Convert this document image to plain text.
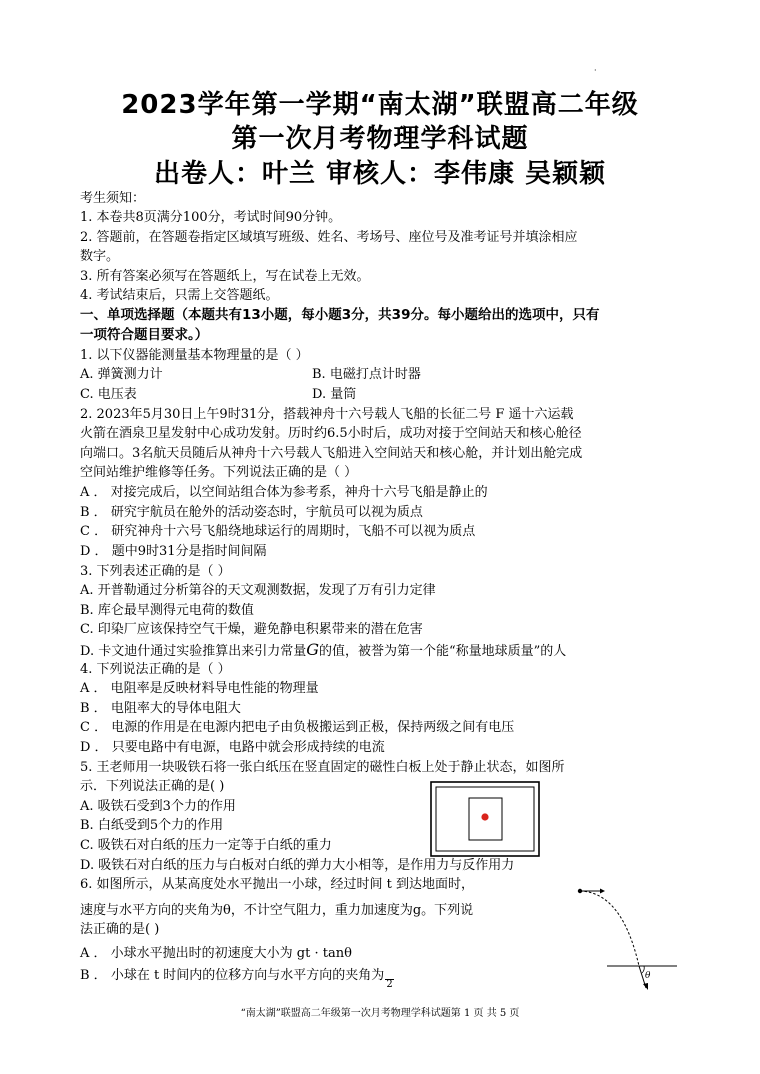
·
2023学年第一学期“南太湖”联盟高二年级
第一次月考物理学科试题
出卷人：叶兰 审核人：李伟康 吴颖颖
考生须知：
1. 本卷共8页满分100分，考试时间90分钟。
2. 答题前，在答题卷指定区域填写班级、姓名、考场号、座位号及准考证号并填涂相应
数字。
3. 所有答案必须写在答题纸上，写在试卷上无效。
4. 考试结束后，只需上交答题纸。
一、单项选择题（本题共有13小题，每小题3分，共39分。每小题给出的选项中，只有
一项符合题目要求。）
1. 以下仪器能测量基本物理量的是（ ）
A. 弹簧测力计	B. 电磁打点计时器
C. 电压表	D. 量筒
2. 2023年5月30日上午9时31分，搭载神舟十六号载人飞船的长征二号 F 遥十六运载
火箭在酒泉卫星发射中心成功发射。历时约6.5小时后，成功对接于空间站天和核心舱径
向端口。3名航天员随后从神舟十六号载人飞船进入空间站天和核心舱，并计划出舱完成
空间站维护维修等任务。下列说法正确的是（ ）
A ． 对接完成后，以空间站组合体为参考系，神舟十六号飞船是静止的
B ． 研究宇航员在舱外的活动姿态时，宇航员可以视为质点
C ． 研究神舟十六号飞船绕地球运行的周期时，飞船不可以视为质点
D ． 题中9时31分是指时间间隔
3. 下列表述正确的是（ ）
A. 开普勒通过分析第谷的天文观测数据，发现了万有引力定律
B. 库仑最早测得元电荷的数值
C. 印染厂应该保持空气干燥，避免静电积累带来的潜在危害
D. 卡文迪什通过实验推算出来引力常量G的值，被誉为第一个能“称量地球质量”的人
4. 下列说法正确的是（ ）
A ． 电阻率是反映材料导电性能的物理量
B ． 电阻率大的导体电阻大
C ． 电源的作用是在电源内把电子由负极搬运到正极，保持两级之间有电压
D ． 只要电路中有电源，电路中就会形成持续的电流
5. 王老师用一块吸铁石将一张白纸压在竖直固定的磁性白板上处于静止状态，如图所
示．下列说法正确的是( )
A. 吸铁石受到3个力的作用
B. 白纸受到5个力的作用
C. 吸铁石对白纸的压力一定等于白纸的重力
D. 吸铁石对白纸的压力与白板对白纸的弹力大小相等，是作用力与反作用力
6. 如图所示，从某高度处水平抛出一小球，经过时间 t 到达地面时，
速度与水平方向的夹角为θ，不计空气阻力，重力加速度为g。下列说
法正确的是( )
A ． 小球水平抛出时的初速度大小为 gt · tanθ
B ． 小球在 t 时间内的位移方向与水平方向的夹角为2
θ
“南太湖”联盟高二年级第一次月考物理学科试题第 1 页 共 5 页
